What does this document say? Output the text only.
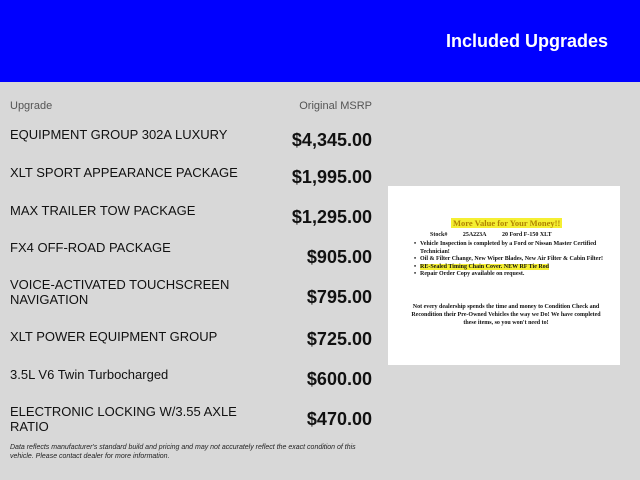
Included Upgrades
Upgrade	Original MSRP
EQUIPMENT GROUP 302A LUXURY	$4,345.00
XLT SPORT APPEARANCE PACKAGE	$1,995.00
MAX TRAILER TOW PACKAGE	$1,295.00
FX4 OFF-ROAD PACKAGE	$905.00
VOICE-ACTIVATED TOUCHSCREEN NAVIGATION	$795.00
XLT POWER EQUIPMENT GROUP	$725.00
3.5L V6 Twin Turbocharged	$600.00
ELECTRONIC LOCKING W/3.55 AXLE RATIO	$470.00
Data reflects manufacturer's standard build and pricing and may not accurately reflect the exact condition of this vehicle. Please contact dealer for more information.
More Value for Your Money!!
Stock#	25A223A	20 Ford F-150 XLT
• Vehicle Inspection is completed by a Ford or Nissan Master Certified Technician!
• Oil & Filter Change, New Wiper Blades, New Air Filter & Cabin Filter!
• RE-Sealed Timing Chain Cover. NEW RF Tie Rod
• Repair Order Copy available on request.
Not every dealership spends the time and money to Condition Check and Recondition their Pre-Owned Vehicles the way we Do! We have completed these items, so you won't need to!
